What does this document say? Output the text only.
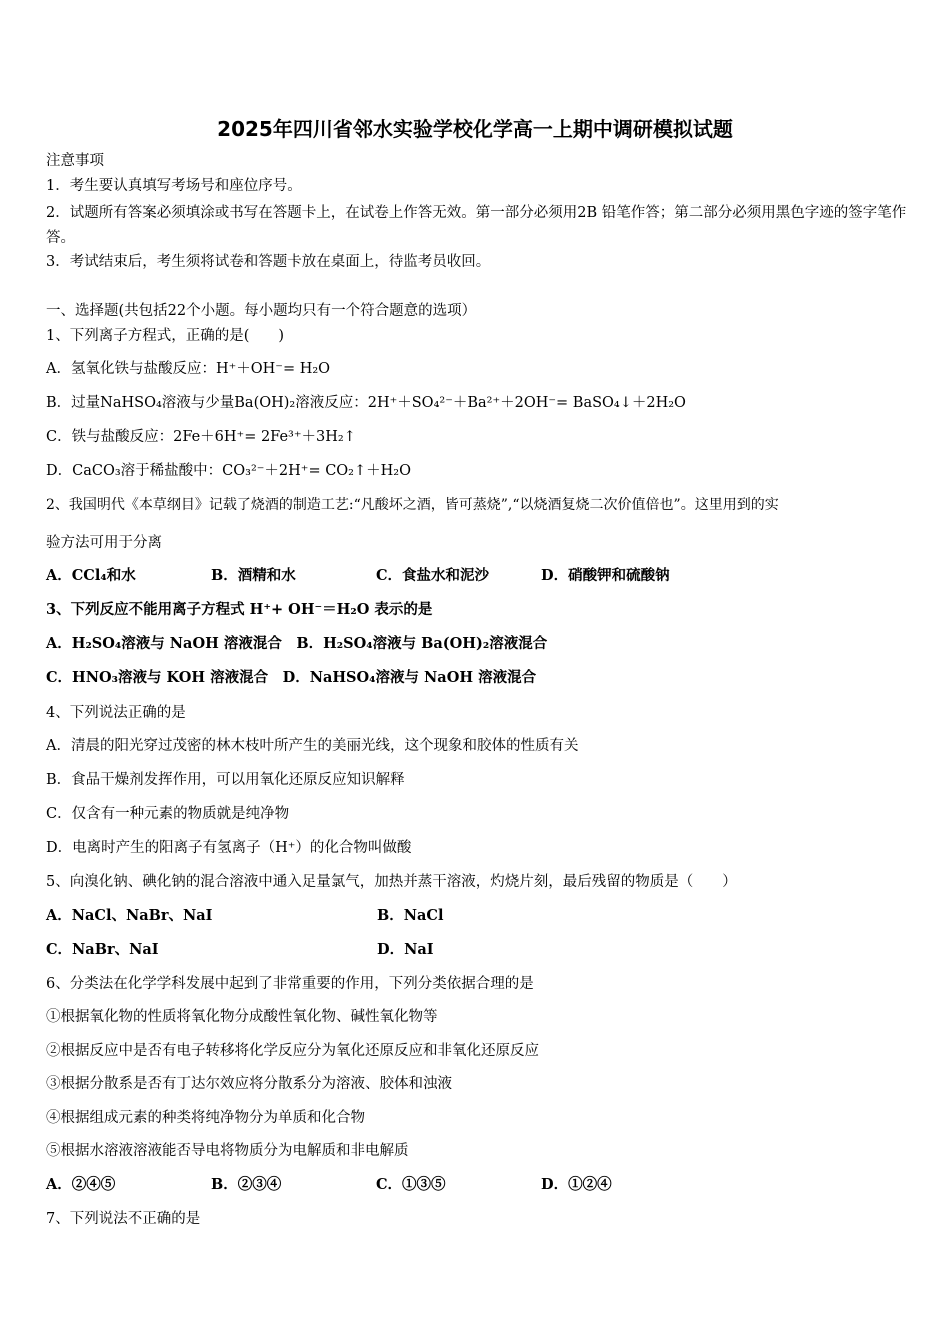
2025年四川省邻水实验学校化学高一上期中调研模拟试题
注意事项
1．考生要认真填写考场号和座位序号。
2．试题所有答案必须填涂或书写在答题卡上，在试卷上作答无效。第一部分必须用2B 铅笔作答；第二部分必须用黑色字迹的签字笔作答。
3．考试结束后，考生须将试卷和答题卡放在桌面上，待监考员收回。
一、选择题(共包括22个小题。每小题均只有一个符合题意的选项）
1、下列离子方程式，正确的是(　　)
A．氢氧化铁与盐酸反应：H⁺＋OH⁻= H₂O
B．过量NaHSO₄溶液与少量Ba(OH)₂溶液反应：2H⁺＋SO₄²⁻＋Ba²⁺＋2OH⁻= BaSO₄↓＋2H₂O
C．铁与盐酸反应：2Fe＋6H⁺= 2Fe³⁺＋3H₂↑
D．CaCO₃溶于稀盐酸中：CO₃²⁻＋2H⁺= CO₂↑＋H₂O
2、我国明代《本草纲目》记载了烧酒的制造工艺:“凡酸坏之酒，皆可蒸烧”,“以烧酒复烧二次价值倍也”。这里用到的实
验方法可用于分离
A．CCl₄和水	B．酒精和水	C．食盐水和泥沙	D．硝酸钾和硫酸钠
3、下列反应不能用离子方程式 H⁺+ OH⁻＝H₂O 表示的是
A．H₂SO₄溶液与 NaOH 溶液混合　B．H₂SO₄溶液与 Ba(OH)₂溶液混合
C．HNO₃溶液与 KOH 溶液混合　D．NaHSO₄溶液与 NaOH 溶液混合
4、下列说法正确的是
A．清晨的阳光穿过茂密的林木枝叶所产生的美丽光线，这个现象和胶体的性质有关
B．食品干燥剂发挥作用，可以用氧化还原反应知识解释
C．仅含有一种元素的物质就是纯净物
D．电离时产生的阳离子有氢离子（H⁺）的化合物叫做酸
5、向溴化钠、碘化钠的混合溶液中通入足量氯气，加热并蒸干溶液，灼烧片刻，最后残留的物质是（　　）
A．NaCl、NaBr、NaI	B．NaCl
C．NaBr、NaI	D．NaI
6、分类法在化学学科发展中起到了非常重要的作用，下列分类依据合理的是
①根据氧化物的性质将氧化物分成酸性氧化物、碱性氧化物等
②根据反应中是否有电子转移将化学反应分为氧化还原反应和非氧化还原反应
③根据分散系是否有丁达尔效应将分散系分为溶液、胶体和浊液
④根据组成元素的种类将纯净物分为单质和化合物
⑤根据水溶液溶液能否导电将物质分为电解质和非电解质
A．②④⑤	B．②③④	C．①③⑤	D．①②④
7、下列说法不正确的是
